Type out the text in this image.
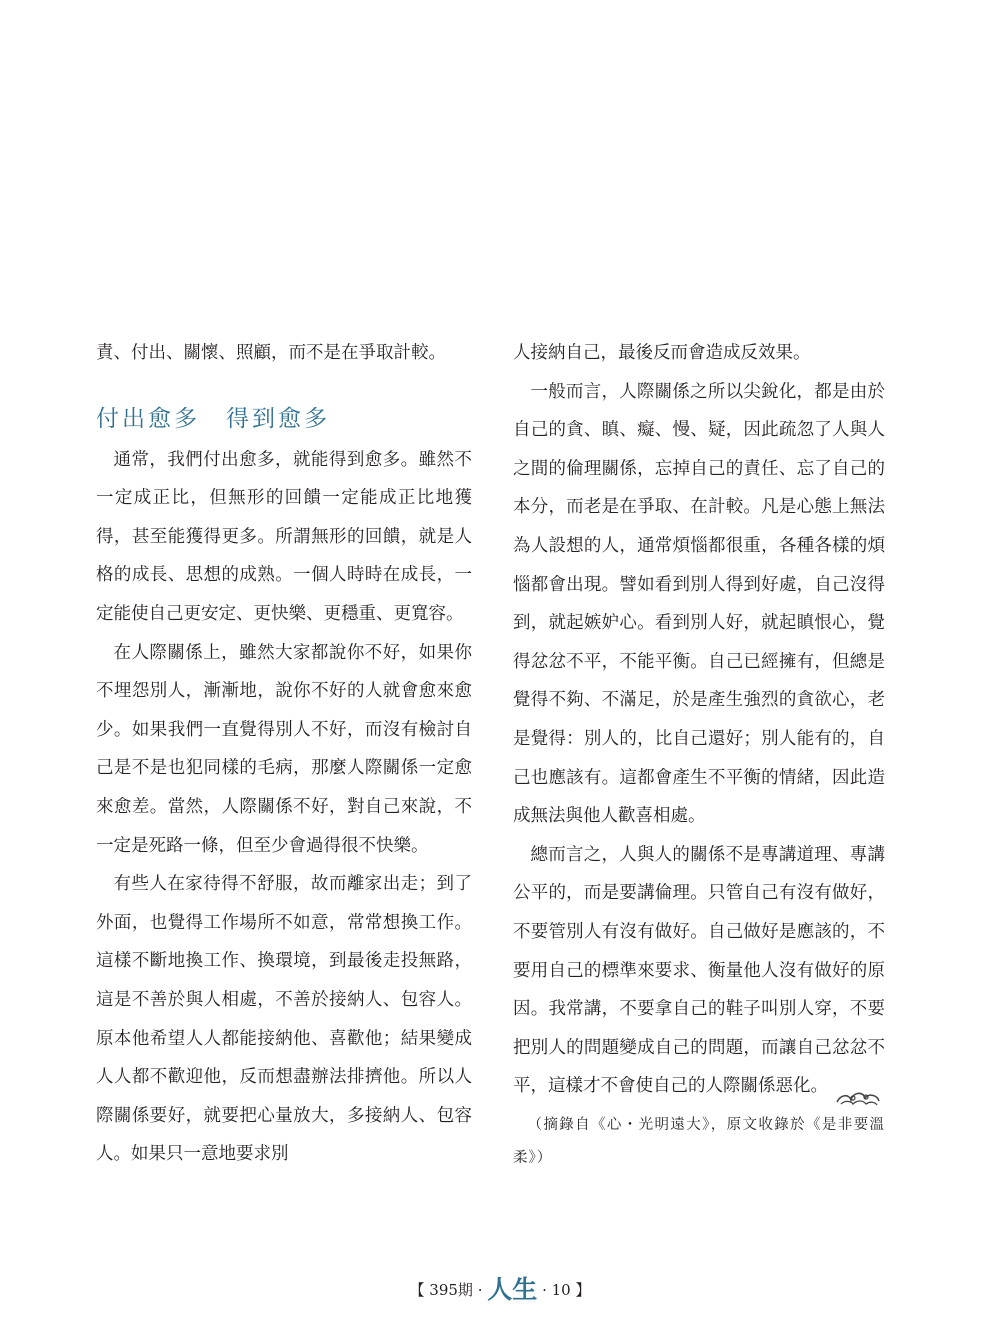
責、付出、關懷、照顧，而不是在爭取計較。

付出愈多　得到愈多

通常，我們付出愈多，就能得到愈多。雖然不一定成正比，但無形的回饋一定能成正比地獲得，甚至能獲得更多。所謂無形的回饋，就是人格的成長、思想的成熟。一個人時時在成長，一定能使自己更安定、更快樂、更穩重、更寬容。

在人際關係上，雖然大家都說你不好，如果你不埋怨別人，漸漸地，說你不好的人就會愈來愈少。如果我們一直覺得別人不好，而沒有檢討自己是不是也犯同樣的毛病，那麼人際關係一定愈來愈差。當然，人際關係不好，對自己來說，不一定是死路一條，但至少會過得很不快樂。

有些人在家待得不舒服，故而離家出走；到了外面，也覺得工作場所不如意，常常想換工作。這樣不斷地換工作、換環境，到最後走投無路，這是不善於與人相處，不善於接納人、包容人。原本他希望人人都能接納他、喜歡他；結果變成人人都不歡迎他，反而想盡辦法排擠他。所以人際關係要好，就要把心量放大，多接納人、包容人。如果只一意地要求別

人接納自己，最後反而會造成反效果。

一般而言，人際關係之所以尖銳化，都是由於自己的貪、瞋、癡、慢、疑，因此疏忽了人與人之間的倫理關係，忘掉自己的責任、忘了自己的本分，而老是在爭取、在計較。凡是心態上無法為人設想的人，通常煩惱都很重，各種各樣的煩惱都會出現。譬如看到別人得到好處，自己沒得到，就起嫉妒心。看到別人好，就起瞋恨心，覺得忿忿不平，不能平衡。自己已經擁有，但總是覺得不夠、不滿足，於是產生強烈的貪欲心，老是覺得：別人的，比自己還好；別人能有的，自己也應該有。這都會產生不平衡的情緒，因此造成無法與他人歡喜相處。

總而言之，人與人的關係不是專講道理、專講公平的，而是要講倫理。只管自己有沒有做好，不要管別人有沒有做好。自己做好是應該的，不要用自己的標準來要求、衡量他人沒有做好的原因。我常講，不要拿自己的鞋子叫別人穿，不要把別人的問題變成自己的問題，而讓自己忿忿不平，這樣才不會使自己的人際關係惡化。

（摘錄自《心・光明遠大》，原文收錄於《是非要溫柔》）

【 395期 · 人生 · 10 】
